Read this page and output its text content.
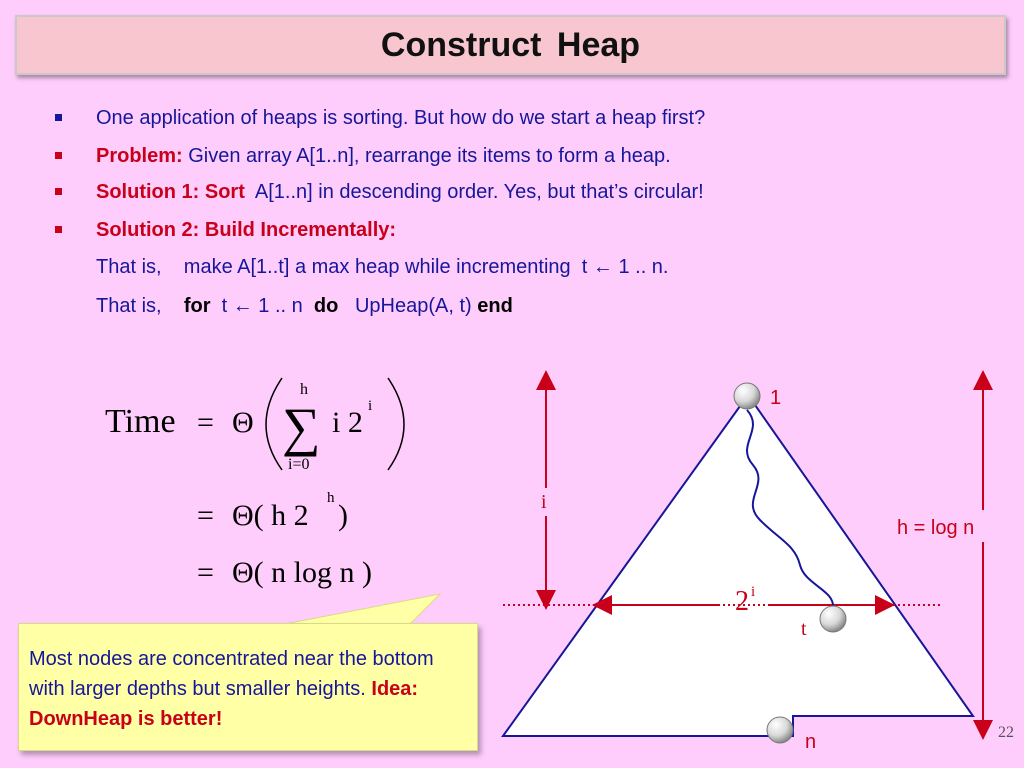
Construct Heap
One application of heaps is sorting. But how do we start a heap first?
Problem: Given array A[1..n], rearrange its items to form a heap.
Solution 1: Sort  A[1..n] in descending order. Yes, but that’s circular!
Solution 2: Build Incrementally:
That is,    make A[1..t] a max heap while incrementing  t ← 1 .. n.
That is,    for  t ← 1 .. n  do   UpHeap(A, t) end
Time = Θ
h
∑
i=0
i 2 i
= Θ( h 2
h
)
= Θ( n log n )
2 i
i
h = log n
1
t
n
Most nodes are concentrated near the bottom with larger depths but smaller heights. Idea: DownHeap is better!
22
